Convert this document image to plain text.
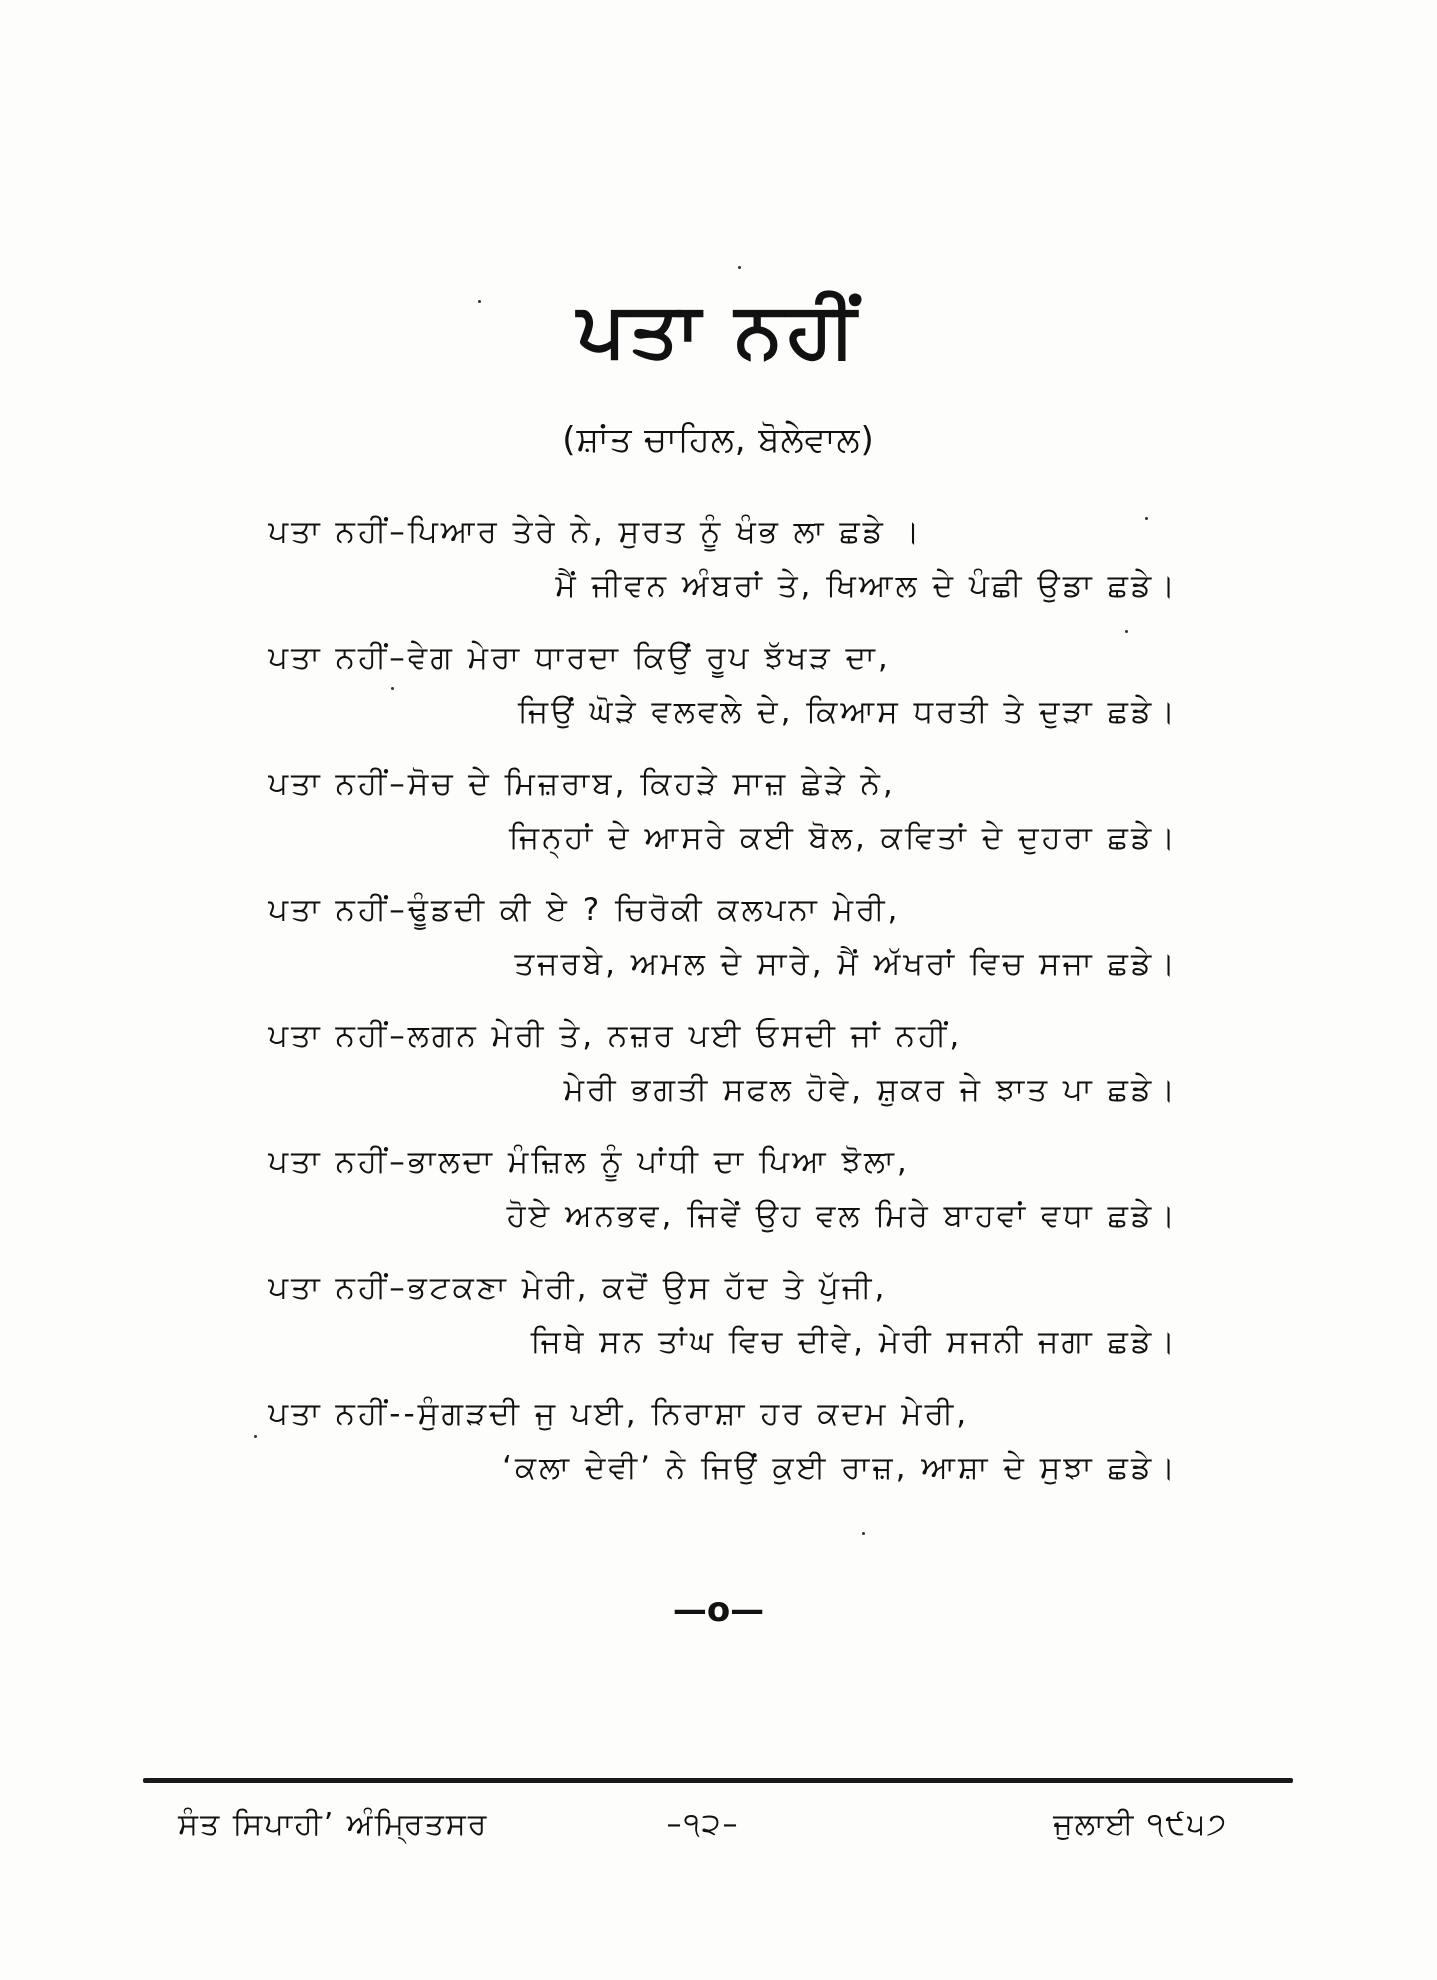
ਪਤਾ ਨਹੀਂ
(ਸ਼ਾਂਤ ਚਾਹਿਲ, ਬੋਲੇਵਾਲ)
ਪਤਾ ਨਹੀਂ–ਪਿਆਰ ਤੇਰੇ ਨੇ, ਸੁਰਤ ਨੂੰ ਖੰਭ ਲਾ ਛਡੇ ।
ਮੈਂ ਜੀਵਨ ਅੰਬਰਾਂ ਤੇ, ਖਿਆਲ ਦੇ ਪੰਛੀ ਉਡਾ ਛਡੇ।
ਪਤਾ ਨਹੀਂ–ਵੇਗ ਮੇਰਾ ਧਾਰਦਾ ਕਿਉਂ ਰੂਪ ਝੱਖੜ ਦਾ,
ਜਿਉਂ ਘੋੜੇ ਵਲਵਲੇ ਦੇ, ਕਿਆਸ ਧਰਤੀ ਤੇ ਦੁੜਾ ਛਡੇ।
ਪਤਾ ਨਹੀਂ–ਸੋਚ ਦੇ ਮਿਜ਼ਰਾਬ, ਕਿਹੜੇ ਸਾਜ਼ ਛੇੜੇ ਨੇ,
ਜਿਨ੍ਹਾਂ ਦੇ ਆਸਰੇ ਕਈ ਬੋਲ, ਕਵਿਤਾਂ ਦੇ ਦੁਹਰਾ ਛਡੇ।
ਪਤਾ ਨਹੀਂ–ਢੂੰਡਦੀ ਕੀ ਏ ? ਚਿਰੋਕੀ ਕਲਪਨਾ ਮੇਰੀ,
ਤਜਰਬੇ, ਅਮਲ ਦੇ ਸਾਰੇ, ਮੈਂ ਅੱਖਰਾਂ ਵਿਚ ਸਜਾ ਛਡੇ।
ਪਤਾ ਨਹੀਂ–ਲਗਨ ਮੇਰੀ ਤੇ, ਨਜ਼ਰ ਪਈ ਓਸਦੀ ਜਾਂ ਨਹੀਂ,
ਮੇਰੀ ਭਗਤੀ ਸਫਲ ਹੋਵੇ, ਸ਼ੁਕਰ ਜੇ ਝਾਤ ਪਾ ਛਡੇ।
ਪਤਾ ਨਹੀਂ–ਭਾਲਦਾ ਮੰਜ਼ਿਲ ਨੂੰ ਪਾਂਧੀ ਦਾ ਪਿਆ ਝੋਲਾ,
ਹੋਏ ਅਨਭਵ, ਜਿਵੇਂ ਉਹ ਵਲ ਮਿਰੇ ਬਾਹਵਾਂ ਵਧਾ ਛਡੇ।
ਪਤਾ ਨਹੀਂ–ਭਟਕਣਾ ਮੇਰੀ, ਕਦੋਂ ਉਸ ਹੱਦ ਤੇ ਪੁੱਜੀ,
ਜਿਥੇ ਸਨ ਤਾਂਘ ਵਿਚ ਦੀਵੇ, ਮੇਰੀ ਸਜਨੀ ਜਗਾ ਛਡੇ।
ਪਤਾ ਨਹੀਂ--ਸੁੰਗੜਦੀ ਜੁ ਪਈ, ਨਿਰਾਸ਼ਾ ਹਰ ਕਦਮ ਮੇਰੀ,
‘ਕਲਾ ਦੇਵੀ’ ਨੇ ਜਿਉਂ ਕੁਈ ਰਾਜ਼, ਆਸ਼ਾ ਦੇ ਸੁਝਾ ਛਡੇ।
—o—
ਸੰਤ ਸਿਪਾਹੀ’ ਅੰਮ੍ਰਿਤਸਰ	–੧੨–	ਜੁਲਾਈ ੧੯੫੭
